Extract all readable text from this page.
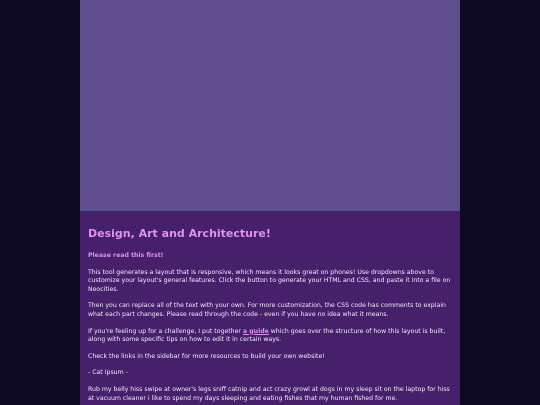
Design, Art and Architecture!
Please read this first!

This tool generates a layout that is responsive, which means it looks great on phones! Use dropdowns above to customize your layout's general features. Click the button to generate your HTML and CSS, and paste it into a file on Neocities.

Then you can replace all of the text with your own. For more customization, the CSS code has comments to explain what each part changes. Please read through the code - even if you have no idea what it means.

If you're feeling up for a challenge, I put together a guide which goes over the structure of how this layout is built, along with some specific tips on how to edit it in certain ways.

Check the links in the sidebar for more resources to build your own website!

- Cat Ipsum -

Rub my belly hiss swipe at owner's legs sniff catnip and act crazy growl at dogs in my sleep sit on the laptop for hiss at vacuum cleaner i like to spend my days sleeping and eating fishes that my human fished for me.
